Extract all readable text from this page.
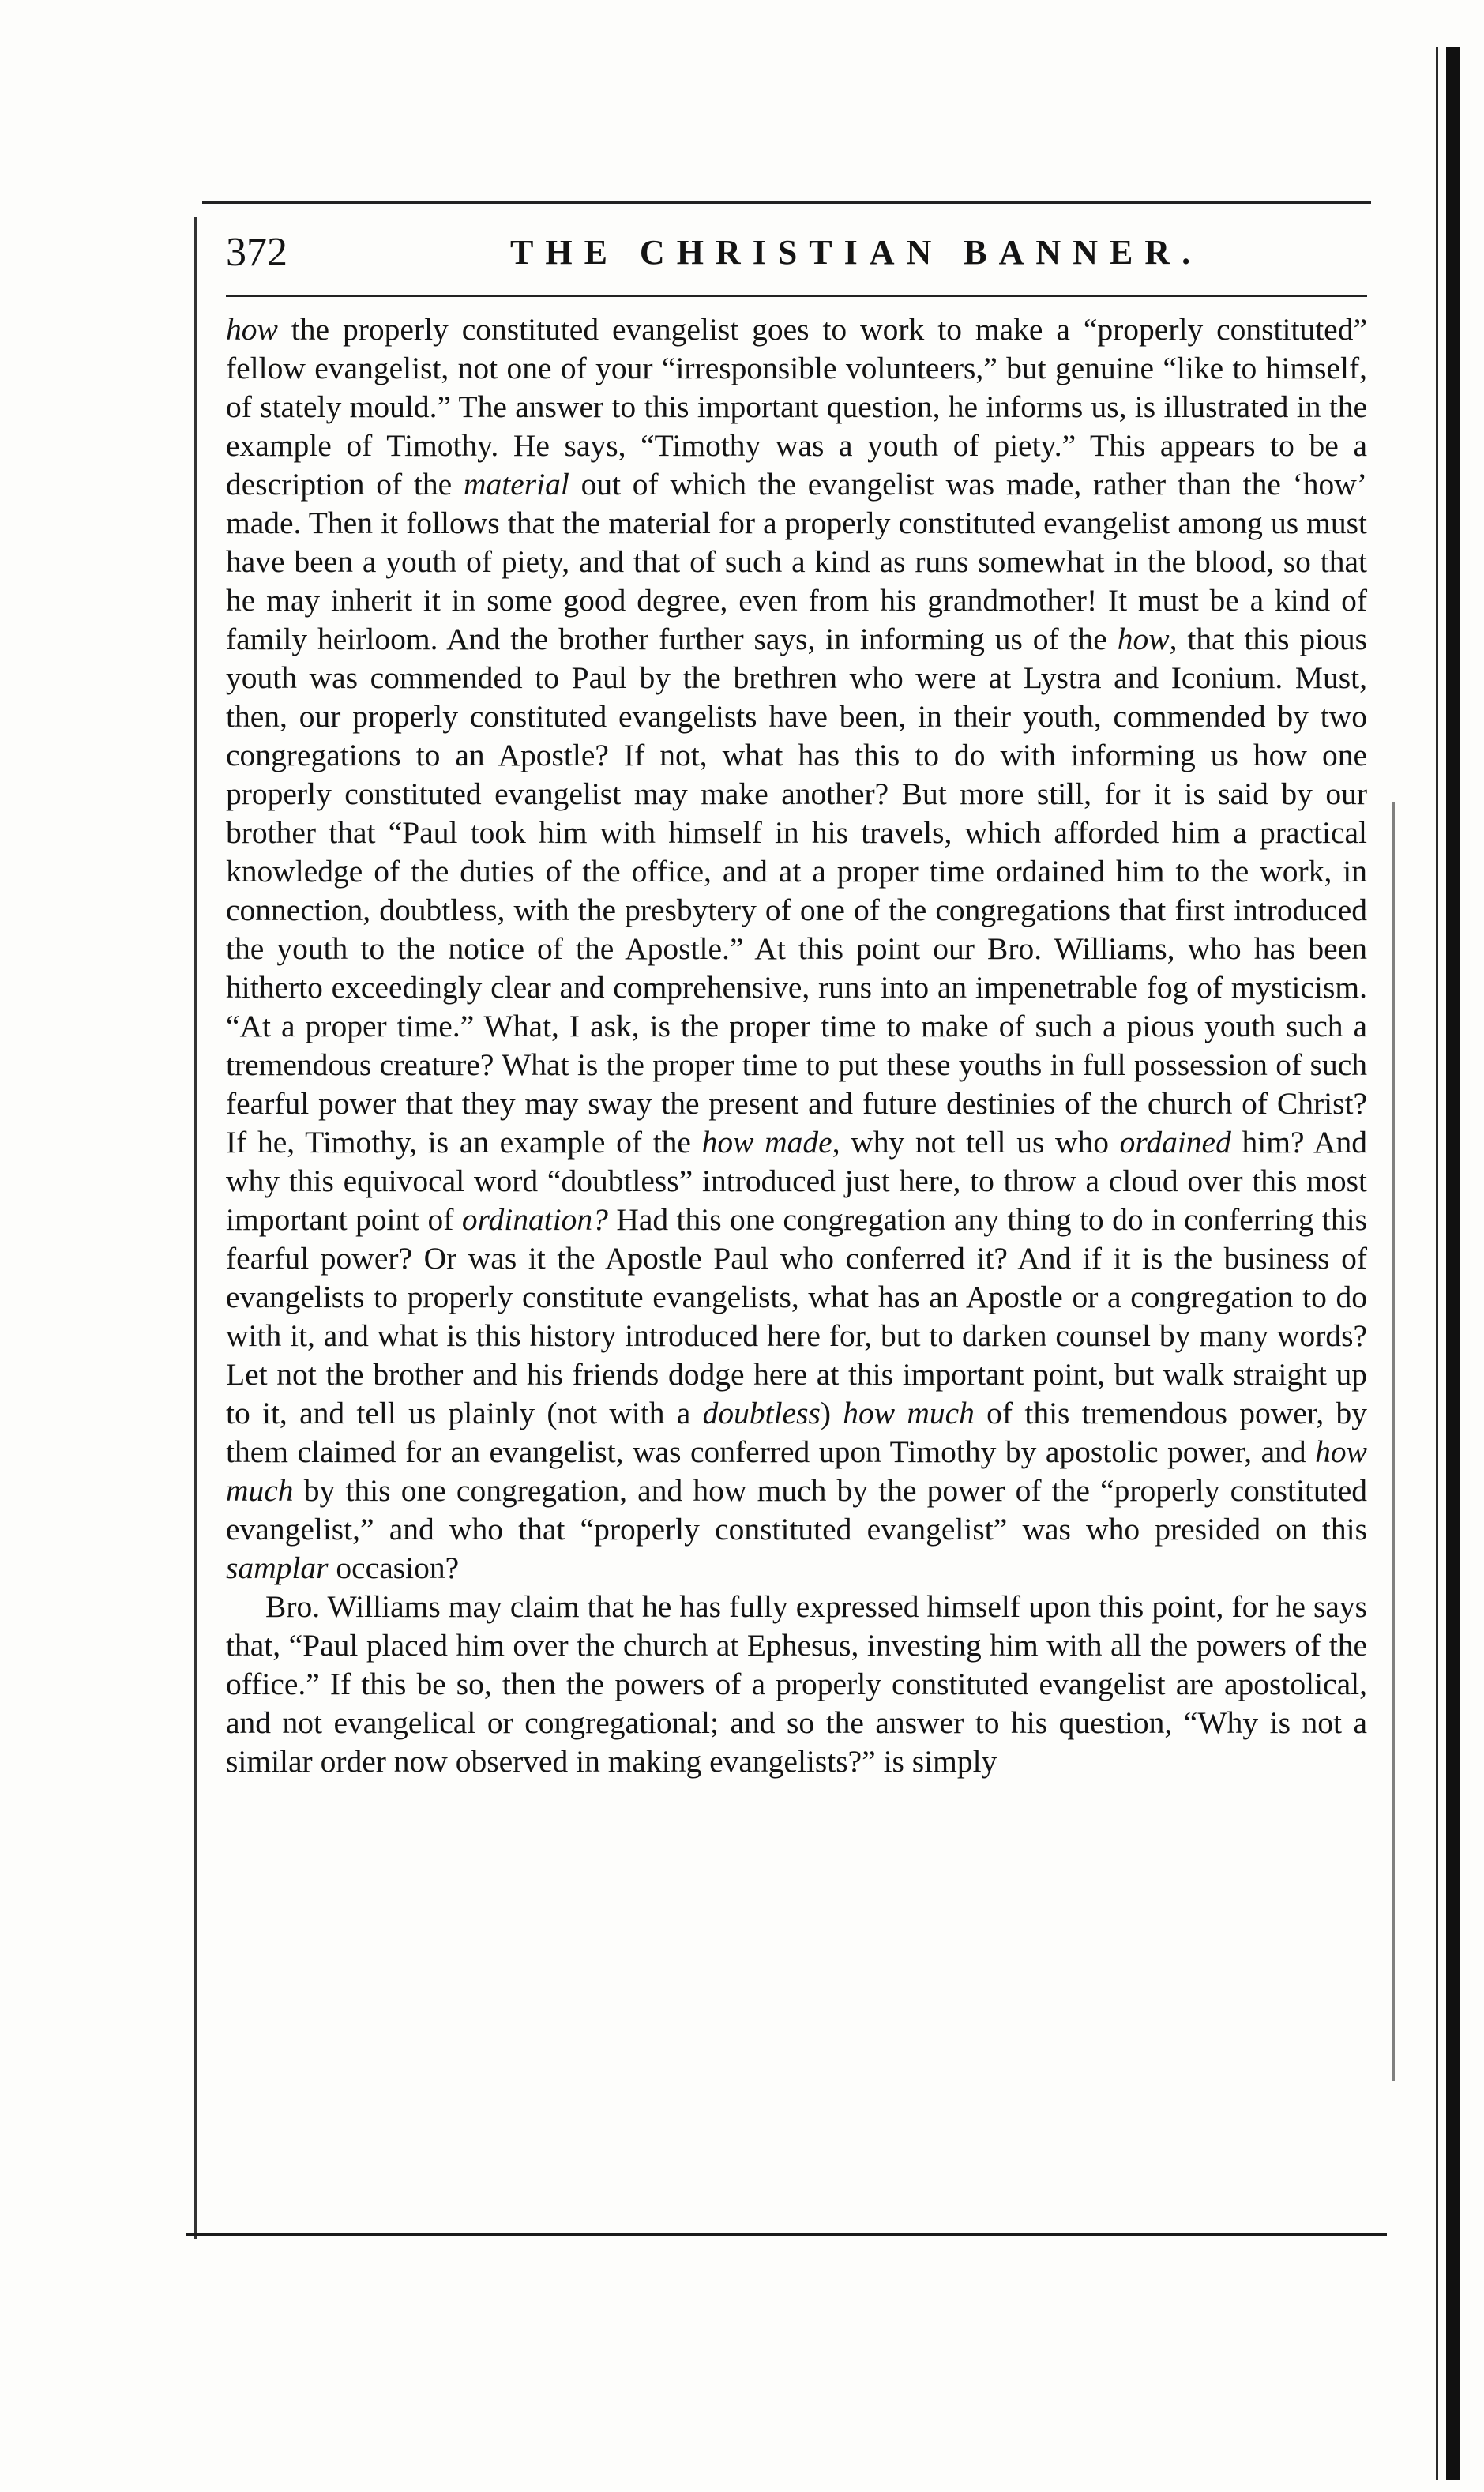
372	THE CHRISTIAN BANNER.

how the properly constituted evangelist goes to work to make a “properly constituted” fellow evangelist, not one of your “irresponsible volunteers,” but genuine “like to himself, of stately mould.” The answer to this important question, he informs us, is illustrated in the example of Timothy. He says, “Timothy was a youth of piety.” This appears to be a description of the material out of which the evangelist was made, rather than the ‘how’ made. Then it follows that the material for a properly constituted evangelist among us must have been a youth of piety, and that of such a kind as runs somewhat in the blood, so that he may inherit it in some good degree, even from his grandmother! It must be a kind of family heirloom. And the brother further says, in informing us of the how, that this pious youth was commended to Paul by the brethren who were at Lystra and Iconium. Must, then, our properly constituted evangelists have been, in their youth, commended by two congregations to an Apostle? If not, what has this to do with informing us how one properly constituted evangelist may make another? But more still, for it is said by our brother that “Paul took him with himself in his travels, which afforded him a practical knowledge of the duties of the office, and at a proper time ordained him to the work, in connection, doubtless, with the presbytery of one of the congregations that first introduced the youth to the notice of the Apostle.” At this point our Bro. Williams, who has been hitherto exceedingly clear and comprehensive, runs into an impenetrable fog of mysticism. “At a proper time.” What, I ask, is the proper time to make of such a pious youth such a tremendous creature? What is the proper time to put these youths in full possession of such fearful power that they may sway the present and future destinies of the church of Christ? If he, Timothy, is an example of the how made, why not tell us who ordained him? And why this equivocal word “doubtless” introduced just here, to throw a cloud over this most important point of ordination? Had this one congregation any thing to do in conferring this fearful power? Or was it the Apostle Paul who conferred it? And if it is the business of evangelists to properly constitute evangelists, what has an Apostle or a congregation to do with it, and what is this history introduced here for, but to darken counsel by many words? Let not the brother and his friends dodge here at this important point, but walk straight up to it, and tell us plainly (not with a doubtless) how much of this tremendous power, by them claimed for an evangelist, was conferred upon Timothy by apostolic power, and how much by this one congregation, and how much by the power of the “properly constituted evangelist,” and who that “properly constituted evangelist” was who presided on this samplar occasion?

Bro. Williams may claim that he has fully expressed himself upon this point, for he says that, “Paul placed him over the church at Ephesus, investing him with all the powers of the office.” If this be so, then the powers of a properly constituted evangelist are apostolical, and not evangelical or congregational; and so the answer to his question, “Why is not a similar order now observed in making evangelists?” is simply
